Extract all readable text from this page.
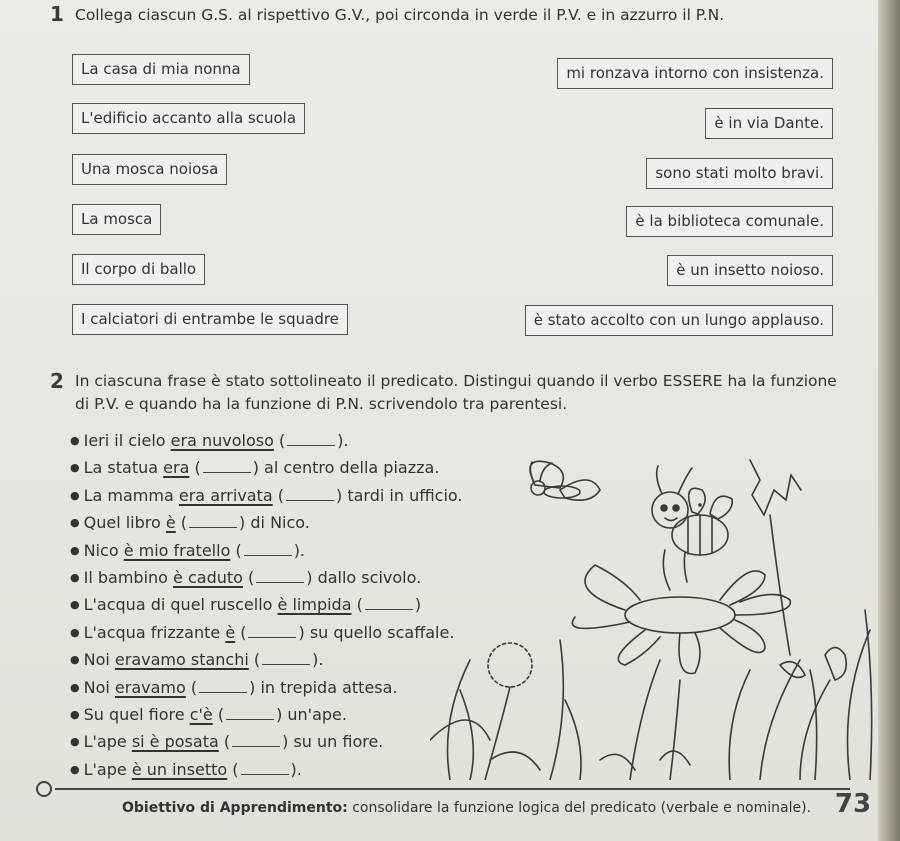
1 Collega ciascun G.S. al rispettivo G.V., poi circonda in verde il P.V. e in azzurro il P.N.
La casa di mia nonna
L'edificio accanto alla scuola
Una mosca noiosa
La mosca
Il corpo di ballo
I calciatori di entrambe le squadre
mi ronzava intorno con insistenza.
è in via Dante.
sono stati molto bravi.
è la biblioteca comunale.
è un insetto noioso.
è stato accolto con un lungo applauso.
2 In ciascuna frase è stato sottolineato il predicato. Distingui quando il verbo ESSERE ha la funzione
di P.V. e quando ha la funzione di P.N. scrivendolo tra parentesi.
● Ieri il cielo era nuvoloso (	).
● La statua era (	) al centro della piazza.
● La mamma era arrivata (	) tardi in ufficio.
● Quel libro è (	) di Nico.
● Nico è mio fratello (	).
● Il bambino è caduto (	) dallo scivolo.
● L'acqua di quel ruscello è limpida (	)
● L'acqua frizzante è (	) su quello scaffale.
● Noi eravamo stanchi (	).
● Noi eravamo (	) in trepida attesa.
● Su quel fiore c'è (	) un'ape.
● L'ape si è posata (	) su un fiore.
● L'ape è un insetto (	).
Obiettivo di Apprendimento: consolidare la funzione logica del predicato (verbale e nominale). 73
